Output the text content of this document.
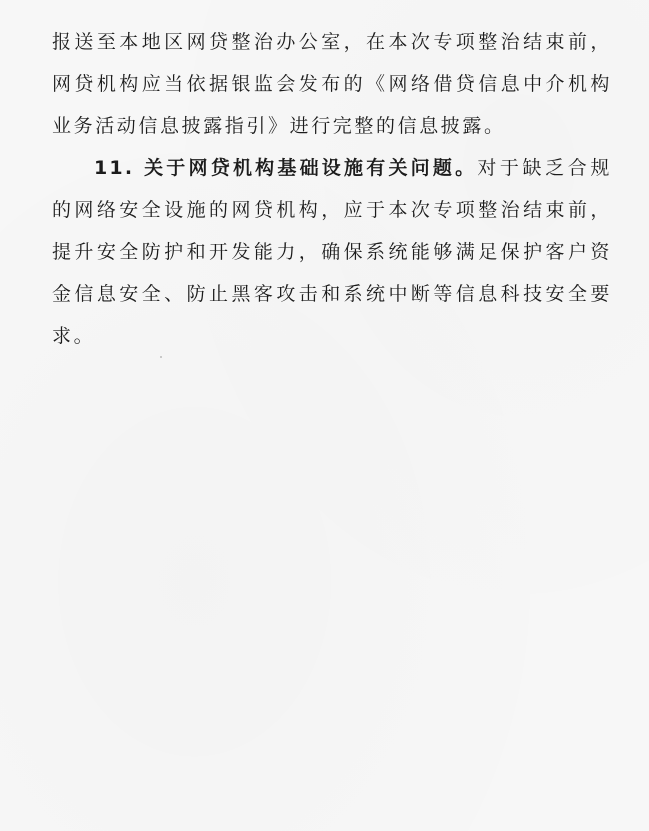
报送至本地区网贷整治办公室，在本次专项整治结束前，网贷机构应当依据银监会发布的《网络借贷信息中介机构业务活动信息披露指引》进行完整的信息披露。

11. 关于网贷机构基础设施有关问题。对于缺乏合规的网络安全设施的网贷机构，应于本次专项整治结束前，提升安全防护和开发能力，确保系统能够满足保护客户资金信息安全、防止黑客攻击和系统中断等信息科技安全要求。
